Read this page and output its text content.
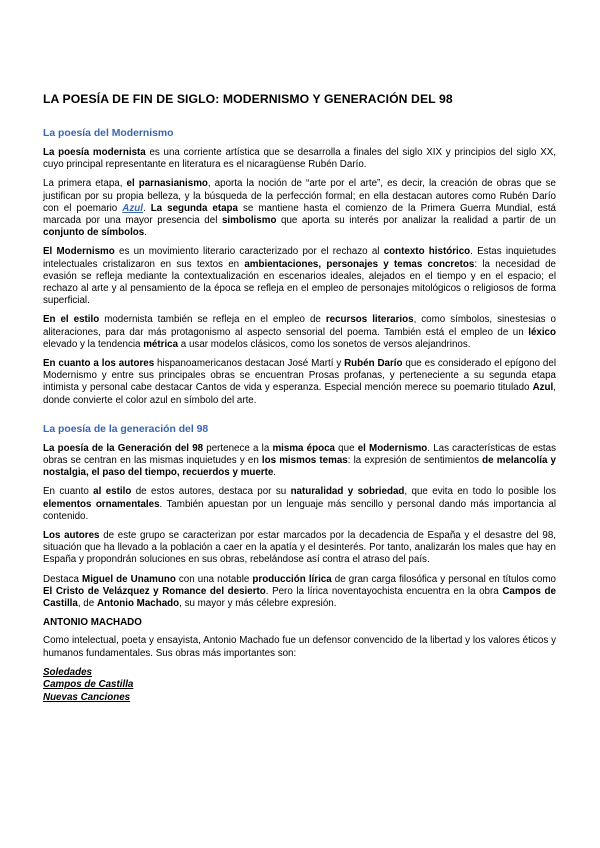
LA POESÍA DE FIN DE SIGLO: MODERNISMO Y GENERACIÓN DEL 98
La poesía del Modernismo

La poesía modernista es una corriente artística que se desarrolla a finales del siglo XIX y principios del siglo XX, cuyo principal representante en literatura es el nicaragüense Rubén Darío.

La primera etapa, el parnasianismo, aporta la noción de “arte por el arte”, es decir, la creación de obras que se justifican por su propia belleza, y la búsqueda de la perfección formal; en ella destacan autores como Rubén Darío con el poemario Azul. La segunda etapa se mantiene hasta el comienzo de la Primera Guerra Mundial, está marcada por una mayor presencia del simbolismo que aporta su interés por analizar la realidad a partir de un conjunto de símbolos.

El Modernismo es un movimiento literario caracterizado por el rechazo al contexto histórico. Estas inquietudes intelectuales cristalizaron en sus textos en ambientaciones, personajes y temas concretos: la necesidad de evasión se refleja mediante la contextualización en escenarios ideales, alejados en el tiempo y en el espacio; el rechazo al arte y al pensamiento de la época se refleja en el empleo de personajes mitológicos o religiosos de forma superficial.

En el estilo modernista también se refleja en el empleo de recursos literarios, como símbolos, sinestesias o aliteraciones, para dar más protagonismo al aspecto sensorial del poema. También está el empleo de un léxico elevado y la tendencia métrica a usar modelos clásicos, como los sonetos de versos alejandrinos.

En cuanto a los autores hispanoamericanos destacan José Martí y Rubén Darío que es considerado el epígono del Modernismo y entre sus principales obras se encuentran Prosas profanas, y perteneciente a su segunda etapa intimista y personal cabe destacar Cantos de vida y esperanza. Especial mención merece su poemario titulado Azul, donde convierte el color azul en símbolo del arte.

La poesía de la generación del 98

La poesía de la Generación del 98 pertenece a la misma época que el Modernismo. Las características de estas obras se centran en las mismas inquietudes y en los mismos temas: la expresión de sentimientos de melancolía y nostalgia, el paso del tiempo, recuerdos y muerte.

En cuanto al estilo de estos autores, destaca por su naturalidad y sobriedad, que evita en todo lo posible los elementos ornamentales. También apuestan por un lenguaje más sencillo y personal dando más importancia al contenido.

Los autores de este grupo se caracterizan por estar marcados por la decadencia de España y el desastre del 98, situación que ha llevado a la población a caer en la apatía y el desinterés. Por tanto, analizarán los males que hay en España y propondrán soluciones en sus obras, rebelándose así contra el atraso del país.

Destaca Miguel de Unamuno con una notable producción lírica de gran carga filosófica y personal en títulos como El Cristo de Velázquez y Romance del desierto. Pero la lírica noventayochista encuentra en la obra Campos de Castilla, de Antonio Machado, su mayor y más célebre expresión.

ANTONIO MACHADO

Como intelectual, poeta y ensayista, Antonio Machado fue un defensor convencido de la libertad y los valores éticos y humanos fundamentales. Sus obras más importantes son:

Soledades
Campos de Castilla
Nuevas Canciones
